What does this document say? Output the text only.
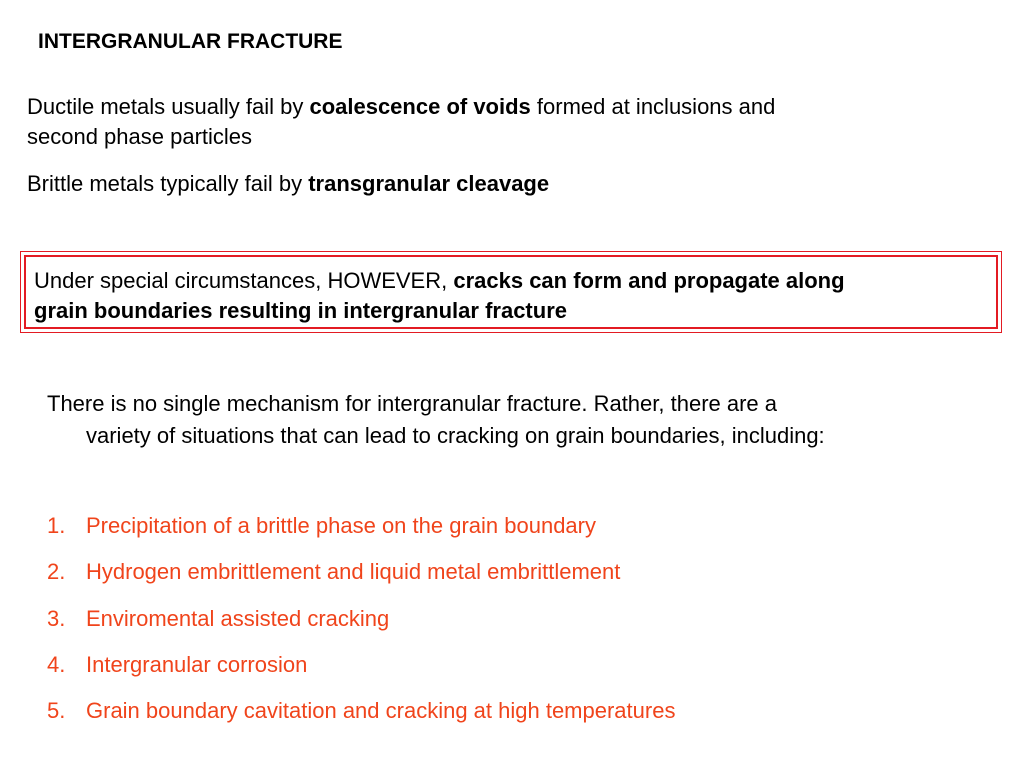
INTERGRANULAR FRACTURE

Ductile metals usually fail by coalescence of voids formed at inclusions and
second phase particles

Brittle metals typically fail by transgranular cleavage

Under special circumstances, HOWEVER, cracks can form and propagate along
grain boundaries resulting in intergranular fracture
There is no single mechanism for intergranular fracture. Rather, there are a
variety of situations that can lead to cracking on grain boundaries, including:
1. Precipitation of a brittle phase on the grain boundary
2. Hydrogen embrittlement and liquid metal embrittlement
3. Enviromental assisted cracking
4. Intergranular corrosion
5. Grain boundary cavitation and cracking at high temperatures
